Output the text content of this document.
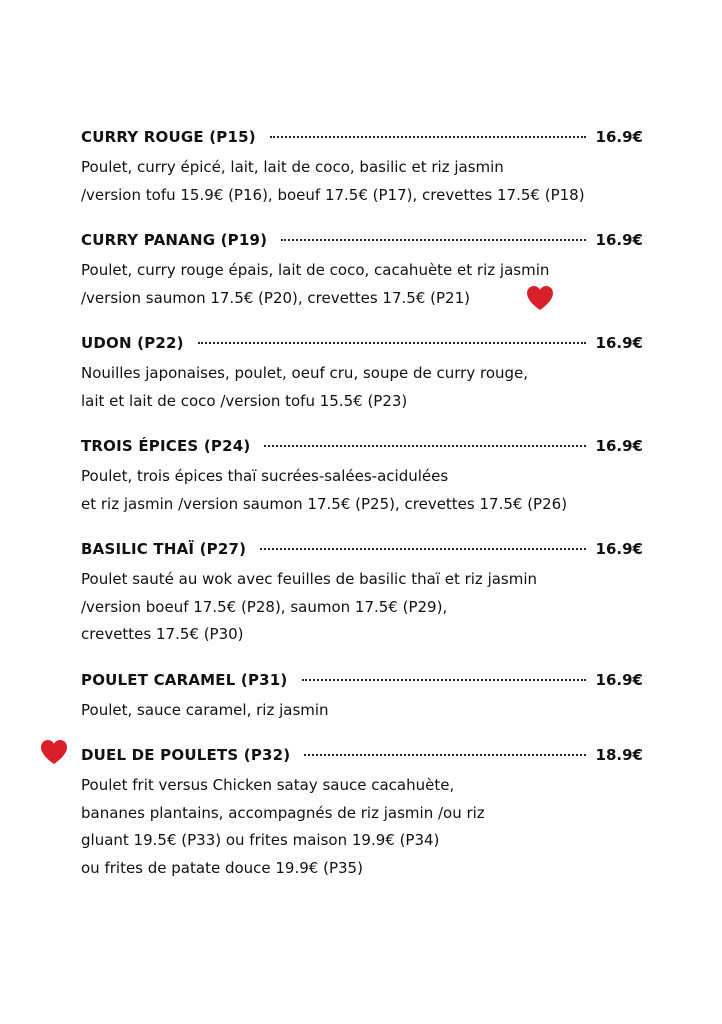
CURRY ROUGE (P15)	16.9€
Poulet, curry épicé, lait, lait de coco, basilic et riz jasmin
/version tofu 15.9€ (P16), boeuf 17.5€ (P17), crevettes 17.5€ (P18)
CURRY PANANG (P19)	16.9€
Poulet, curry rouge épais, lait de coco, cacahuète et riz jasmin
/version saumon 17.5€ (P20), crevettes 17.5€ (P21)
UDON (P22)	16.9€
Nouilles japonaises, poulet, oeuf cru, soupe de curry rouge,
lait et lait de coco /version tofu 15.5€ (P23)
TROIS ÉPICES (P24)	16.9€
Poulet, trois épices thaï sucrées-salées-acidulées
et riz jasmin /version saumon 17.5€ (P25), crevettes 17.5€ (P26)
BASILIC THAÏ (P27)	16.9€
Poulet sauté au wok avec feuilles de basilic thaï et riz jasmin
/version boeuf 17.5€ (P28), saumon 17.5€ (P29),
crevettes 17.5€ (P30)
POULET CARAMEL (P31)	16.9€
Poulet, sauce caramel, riz jasmin
DUEL DE POULETS (P32)	18.9€
Poulet frit versus Chicken satay sauce cacahuète,
bananes plantains, accompagnés de riz jasmin /ou riz
gluant 19.5€ (P33) ou frites maison 19.9€ (P34)
ou frites de patate douce 19.9€ (P35)
